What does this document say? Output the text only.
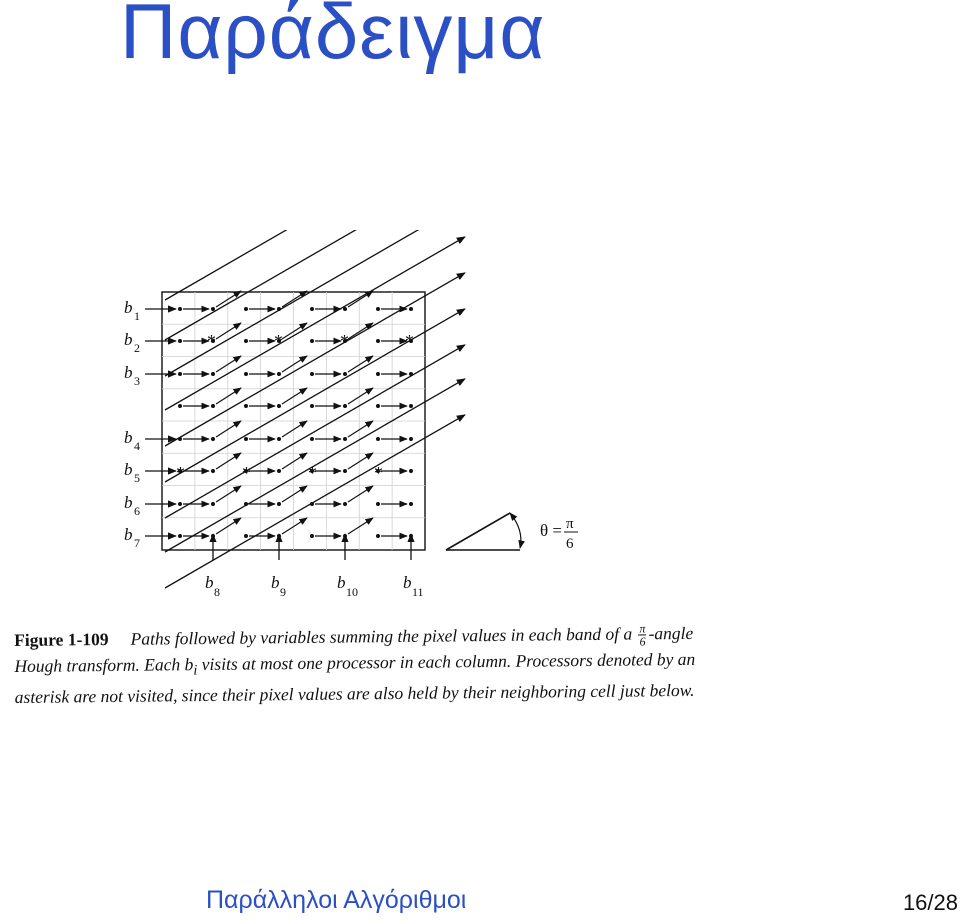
Παράδειγμα
b 1
b 2
b 3
b 4
b 5
b 6
b 7
b 8	b 9	b 10	b 11
*	*	*	*
*	*	*	*
θ = π
6
Figure 1-109 Paths followed by variables summing the pixel values in each band of a $\frac{\pi}{6}$ -angle Hough transform. Each $b_i$ visits at most one processor in each column. Processors denoted by an asterisk are not visited, since their pixel values are also held by their neighboring cell just below.
Παράλληλοι Αλγόριθμοι	16/28
